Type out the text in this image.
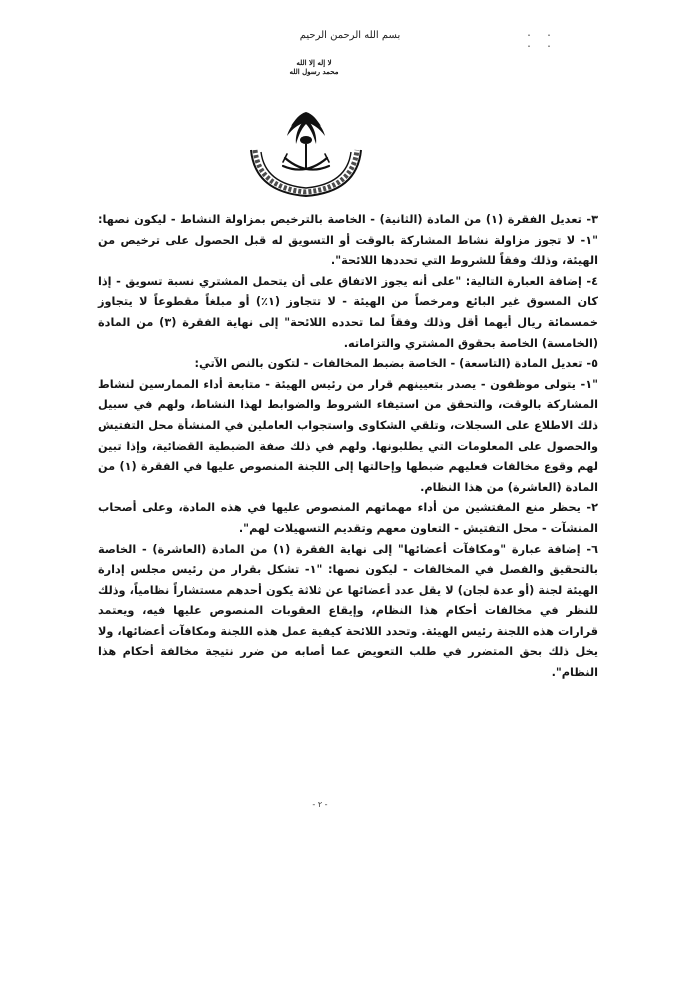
. . . .
بسم الله الرحمن الرحيم
لا إله إلا الله محمد رسول الله

٣- تعديل الفقرة (١) من المادة (الثانية) - الخاصة بالترخيص بمزاولة النشاط - ليكون نصها: "١- لا تجوز مزاولة نشاط المشاركة بالوقت أو التسويق له قبل الحصول على ترخيص من الهيئة، وذلك وفقاً للشروط التي تحددها اللائحة".

٤- إضافة العبارة التالية: "على أنه يجوز الاتفاق على أن يتحمل المشتري نسبة تسويق - إذا كان المسوق غير البائع ومرخصاً من الهيئة - لا تتجاوز (١٪) أو مبلغاً مقطوعاً لا يتجاوز خمسمائة ريال أيهما أقل وذلك وفقاً لما تحدده اللائحة" إلى نهاية الفقرة (٣) من المادة (الخامسة) الخاصة بحقوق المشتري والتزاماته.

٥- تعديل المادة (التاسعة) - الخاصة بضبط المخالفات - لتكون بالنص الآتي:

"١- يتولى موظفون - يصدر بتعيينهم قرار من رئيس الهيئة - متابعة أداء الممارسين لنشاط المشاركة بالوقت، والتحقق من استيفاء الشروط والضوابط لهذا النشاط، ولهم في سبيل ذلك الاطلاع على السجلات، وتلقي الشكاوى واستجواب العاملين في المنشأة محل التفتيش والحصول على المعلومات التي يطلبونها. ولهم في ذلك صفة الضبطية القضائية، وإذا تبين لهم وقوع مخالفات فعليهم ضبطها وإحالتها إلى اللجنة المنصوص عليها في الفقرة (١) من المادة (العاشرة) من هذا النظام.

٢- يحظر منع المفتشين من أداء مهماتهم المنصوص عليها في هذه المادة، وعلى أصحاب المنشآت - محل التفتيش - التعاون معهم وتقديم التسهيلات لهم".

٦- إضافة عبارة "ومكافآت أعضائها" إلى نهاية الفقرة (١) من المادة (العاشرة) - الخاصة بالتحقيق والفصل في المخالفات - ليكون نصها: "١- تشكل بقرار من رئيس مجلس إدارة الهيئة لجنة (أو عدة لجان) لا يقل عدد أعضائها عن ثلاثة يكون أحدهم مستشاراً نظامياً، وذلك للنظر في مخالفات أحكام هذا النظام، وإيقاع العقوبات المنصوص عليها فيه، ويعتمد قرارات هذه اللجنة رئيس الهيئة. وتحدد اللائحة كيفية عمل هذه اللجنة ومكافآت أعضائها، ولا يخل ذلك بحق المتضرر في طلب التعويض عما أصابه من ضرر نتيجة مخالفة أحكام هذا النظام".

- ٢ -
